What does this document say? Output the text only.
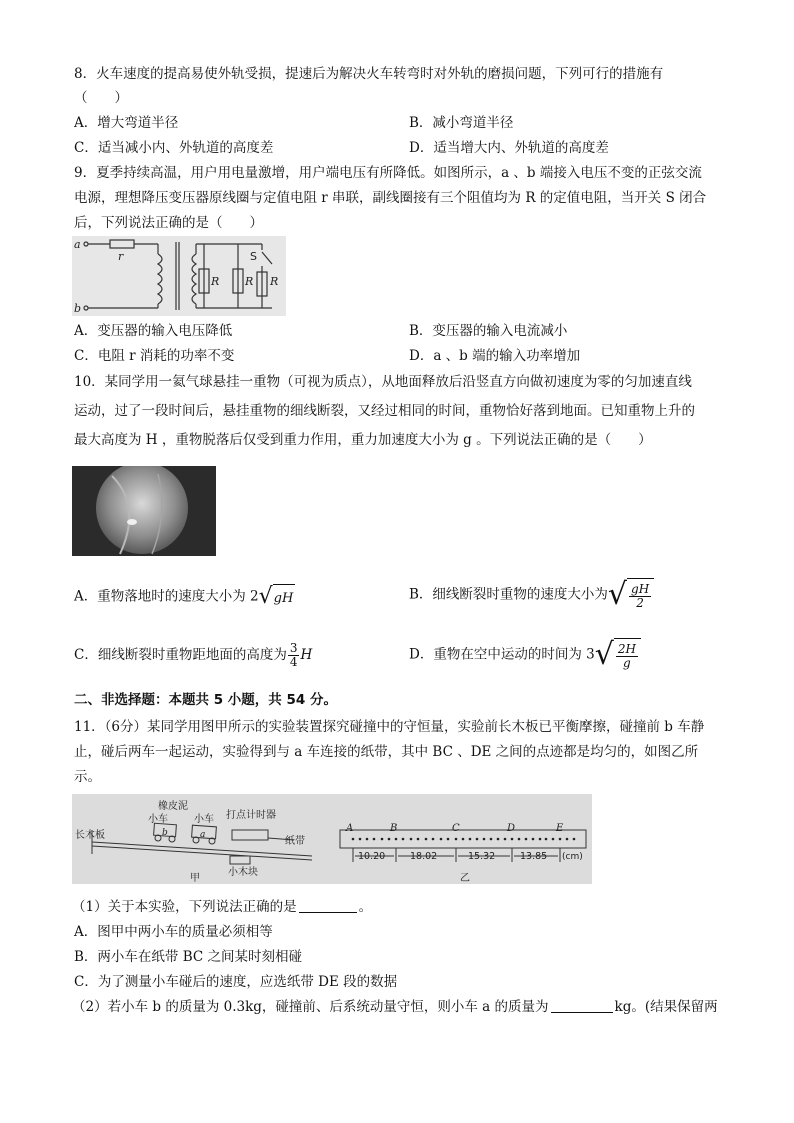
8．火车速度的提高易使外轨受损，提速后为解决火车转弯时对外轨的磨损问题，下列可行的措施有
（　　）
A．增大弯道半径	B．减小弯道半径
C．适当减小内、外轨道的高度差	D．适当增大内、外轨道的高度差
9．夏季持续高温，用户用电量激增，用户端电压有所降低。如图所示，a 、b 端接入电压不变的正弦交流
电源，理想降压变压器原线圈与定值电阻 r 串联，副线圈接有三个阻值均为 R 的定值电阻，当开关 S 闭合
后，下列说法正确的是（　　）
a
b
r
R R R
S
A．变压器的输入电压降低	B．变压器的输入电流减小
C．电阻 r 消耗的功率不变	D．a 、b 端的输入功率增加
10．某同学用一氦气球悬挂一重物（可视为质点），从地面释放后沿竖直方向做初速度为零的匀加速直线
运动，过了一段时间后，悬挂重物的细线断裂，又经过相同的时间，重物恰好落到地面。已知重物上升的
最大高度为 H ，重物脱落后仅受到重力作用，重力加速度大小为 g 。下列说法正确的是（　　）
A．重物落地时的速度大小为 2 √ gH	B．细线断裂时重物的速度大小为 √ $\frac{gH}{2}$
C．细线断裂时重物距地面的高度为 $\frac{3}{4}$ H	D．重物在空中运动的时间为 3 √ $\frac{2H}{g}$
二、非选择题：本题共 5 小题，共 54 分。
11．（6分）某同学用图甲所示的实验装置探究碰撞中的守恒量，实验前长木板已平衡摩擦，碰撞前 b 车静
止，碰后两车一起运动，实验得到与 a 车连接的纸带，其中 BC 、DE 之间的点迹都是均匀的，如图乙所
示。
长木板
橡皮泥
小车	小车
b	a
打点计时器
纸带
小木块
甲
A	B	C	D	E
10.20	18.02	15.32	13.85 (cm)
乙
（1）关于本实验，下列说法正确的是	。
A．图甲中两小车的质量必须相等
B．两小车在纸带 BC 之间某时刻相碰
C．为了测量小车碰后的速度，应选纸带 DE 段的数据
（2）若小车 b 的质量为 0.3kg，碰撞前、后系统动量守恒，则小车 a 的质量为	kg。(结果保留两
